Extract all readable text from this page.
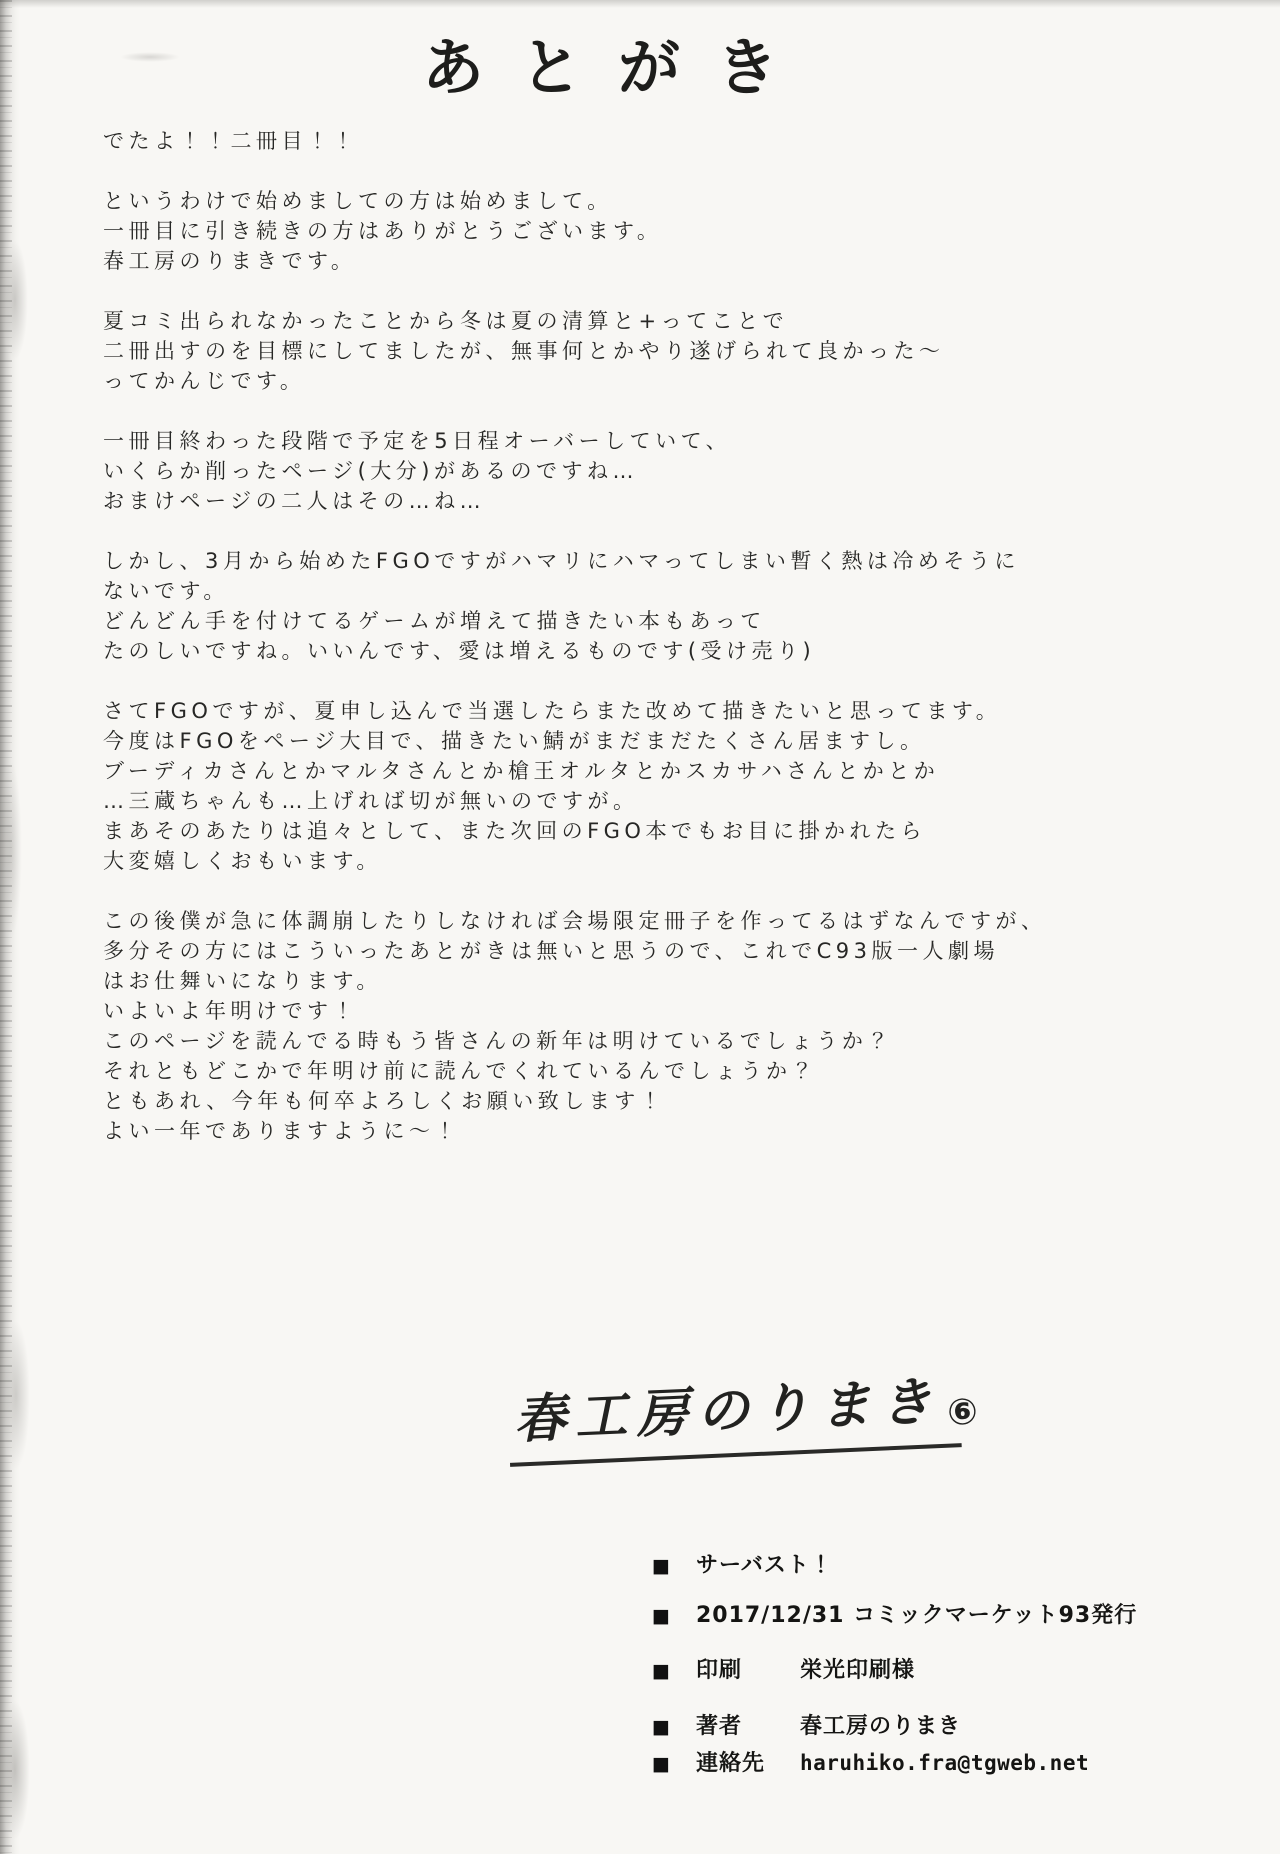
あとがき
でたよ！！二冊目！！
というわけで始めましての方は始めまして。
一冊目に引き続きの方はありがとうございます。
春工房のりまきです。
夏コミ出られなかったことから冬は夏の清算と+ってことで
二冊出すのを目標にしてましたが、無事何とかやり遂げられて良かった〜
ってかんじです。
一冊目終わった段階で予定を5日程オーバーしていて、
いくらか削ったページ(大分)があるのですね…
おまけページの二人はその…ね…
しかし、3月から始めたFGOですがハマリにハマってしまい暫く熱は冷めそうに
ないです。
どんどん手を付けてるゲームが増えて描きたい本もあって
たのしいですね。いいんです、愛は増えるものです(受け売り)
さてFGOですが、夏申し込んで当選したらまた改めて描きたいと思ってます。
今度はFGOをページ大目で、描きたい鯖がまだまだたくさん居ますし。
ブーディカさんとかマルタさんとか槍王オルタとかスカサハさんとかとか
…三蔵ちゃんも…上げれば切が無いのですが。
まあそのあたりは追々として、また次回のFGO本でもお目に掛かれたら
大変嬉しくおもいます。
この後僕が急に体調崩したりしなければ会場限定冊子を作ってるはずなんですが、
多分その方にはこういったあとがきは無いと思うので、これでC93版一人劇場
はお仕舞いになります。
いよいよ年明けです！
このページを読んでる時もう皆さんの新年は明けているでしょうか？
それともどこかで年明け前に読んでくれているんでしょうか？
ともあれ、今年も何卒よろしくお願い致します！
よい一年でありますように〜！
春工房のりまき ⑥
■ サーバスト！
■ 2017/12/31 コミックマーケット93発行
■ 印刷	栄光印刷様
■ 著者	春工房のりまき
■ 連絡先	haruhiko.fra@tgweb.net
